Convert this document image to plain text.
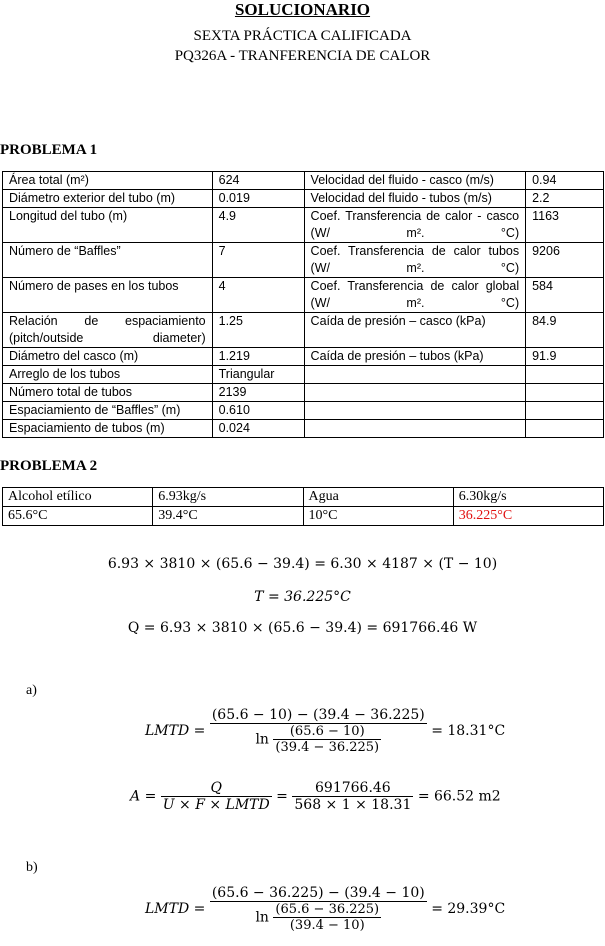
SOLUCIONARIO
SEXTA PRÁCTICA CALIFICADA
PQ326A - TRANFERENCIA DE CALOR
PROBLEMA 1
Área total (m²)	624	Velocidad del fluido - casco (m/s)	0.94
Diámetro exterior del tubo (m)	0.019	Velocidad del fluido - tubos (m/s)	2.2
Longitud del tubo (m)	4.9	Coef. Transferencia de calor - casco (W/ m². °C)	1163
Número de “Baffles”	7	Coef. Transferencia de calor tubos (W/ m². °C)	9206
Número de pases en los tubos	4	Coef. Transferencia de calor global (W/ m². °C)	584
Relación de espaciamiento (pitch/outside diameter)	1.25	Caída de presión – casco (kPa)	84.9
Diámetro del casco (m)	1.219	Caída de presión – tubos (kPa)	91.9
Arreglo de los tubos	Triangular		
Número total de tubos	2139		
Espaciamiento de “Baffles” (m)	0.610		
Espaciamiento de tubos (m)	0.024		
PROBLEMA 2
Alcohol etílico	6.93kg/s	Agua	6.30kg/s
65.6°C	39.4°C	10°C	36.225°C
6.93 × 3810 × (65.6 − 39.4) = 6.30 × 4187 × (T − 10)
T = 36.225°C
Q = 6.93 × 3810 × (65.6 − 39.4) = 691766.46 W
a)
LMTD = $\frac{(65.6 - 10) - (39.4 - 36.225)}{\ln \frac{(65.6 - 10)}{(39.4 - 36.225)}} = 18.31^\circ C$
$A = \frac{Q}{\text{U × F × LMTD}} = \frac{691766.46}{568 \times 1 \times 18.31} = 66.52$ m2
b)
LMTD = $\frac{(65.6 - 36.225) - (39.4 - 10)}{\ln \frac{(65.6 - 36.225)}{(39.4 - 10)}} = 29.39^\circ C$
